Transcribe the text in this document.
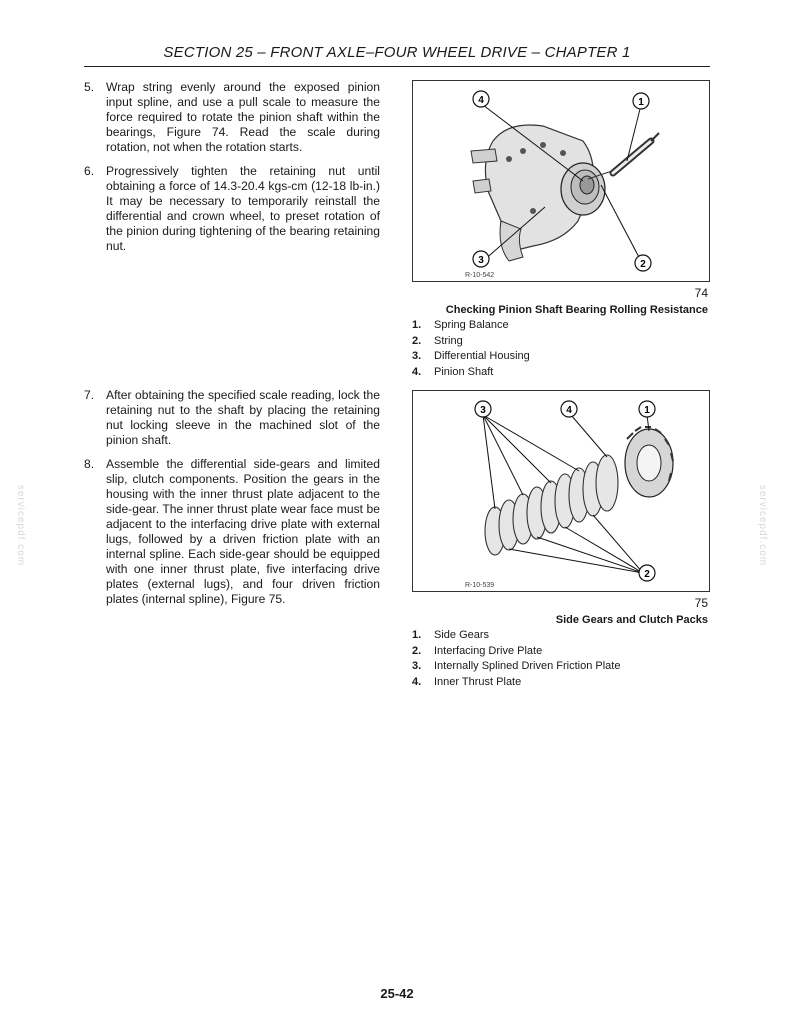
SECTION 25 – FRONT AXLE–FOUR WHEEL DRIVE – CHAPTER 1
5. Wrap string evenly around the exposed pinion input spline, and use a pull scale to measure the force required to rotate the pinion shaft within the bearings, Figure 74. Read the scale during rotation, not when the rotation starts.
6. Progressively tighten the retaining nut until obtaining a force of 14.3-20.4 kgs-cm (12-18 lb-in.) It may be necessary to temporarily reinstall the differential and crown wheel, to preset rotation of the pinion during tightening of the bearing retaining nut.
7. After obtaining the specified scale reading, lock the retaining nut to the shaft by placing the retaining nut locking sleeve in the machined slot of the pinion shaft.
8. Assemble the differential side-gears and limited slip, clutch components. Position the gears in the housing with the inner thrust plate adjacent to the side-gear. The inner thrust plate wear face must be adjacent to the interfacing drive plate with external lugs, followed by a driven friction plate with an internal spline. Each side-gear should be equipped with one inner thrust plate, five interfacing drive plates (external lugs), and four driven friction plates (internal spline), Figure 75.
4	1
3	2
R-10-542
74
Checking Pinion Shaft Bearing Rolling Resistance
1.	Spring Balance
2.	String
3.	Differential Housing
4.	Pinion Shaft
3	4	1
2
R-10-539
75
Side Gears and Clutch Packs
1.	Side Gears
2.	Interfacing Drive Plate
3.	Internally Splined Driven Friction Plate
4.	Inner Thrust Plate
servicepdf.com	servicepdf.com
25-42
